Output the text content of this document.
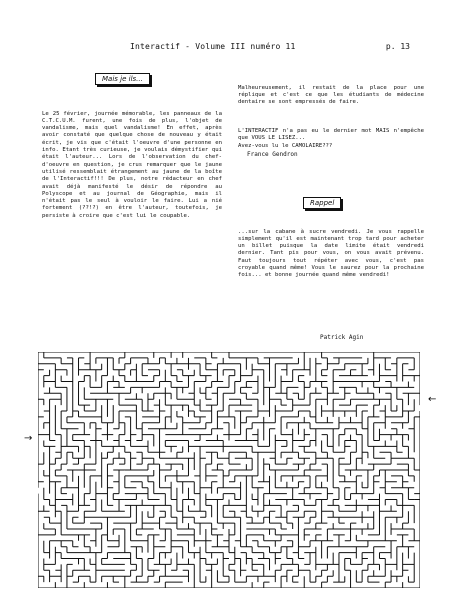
Interactif - Volume III numéro 11	p. 13
Mais je ils...

Le 25 février, journée mémorable, les panneaux de la C.T.C.U.M. furent, une fois de plus, l'objet de vandalisme, mais quel vandalisme! En effet, après avoir constaté que quelque chose de nouveau y était écrit, je vis que c'était l'oeuvre d'une personne en info. Etant très curieuse, je voulais démystifier qui était l'auteur... Lors de l'observation du chef-d'oeuvre en question, je crus remarquer que le jaune utilisé ressemblait étrangement au jaune de la boîte de l'Interactif!!! De plus, notre rédacteur en chef avait déjà manifesté le désir de répondre au Polyscope et au journal de Géographie, mais il n'était pas le seul à vouloir le faire. Lui a nié fortement (??!?) en être l'auteur, toutefois, je persiste à croire que c'est lui le coupable.

Malheureusement, il restait de la place pour une réplique et c'est ce que les étudiants de médecine dentaire se sont empressés de faire.

L'INTERACTIF n'a pas eu le dernier mot MAIS n'empêche que VOUS LE LISEZ...
Avez-vous lu le CAMOLAIRE???

France Gendron
Rappel

...sur la cabane à sucre vendredi. Je vous rappelle simplement qu'il est maintenant trop tard pour acheter un billet puisque la date limite était vendredi dernier. Tant pis pour vous, on vous avait prévenu. Faut toujours tout répéter avec vous, c'est pas croyable quand même! Vous le saurez pour la prochaine fois... et bonne journée quand même vendredi!

Patrick Agin
←
→
